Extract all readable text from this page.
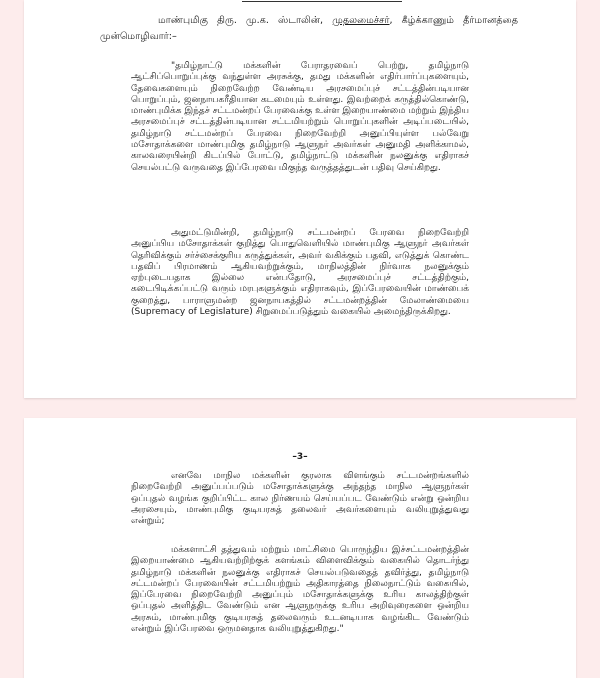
மாண்புமிகு திரு. மு.க. ஸ்டாலின், முதலமைச்சர், கீழ்க்காணும் தீர்மானத்தை முன்மொழிவார்:–
"தமிழ்நாட்டு மக்களின் பேராதரவைப் பெற்று, தமிழ்நாடு ஆட்சிப்பொறுப்புக்கு வந்துள்ள அரசுக்கு, தமது மக்களின் எதிர்பார்ப்புகளையும், தேவைகளையும் நிறைவேற்ற வேண்டிய அரசமைப்புச் சட்டத்தின்படியான பொறுப்பும், ஜனநாயகரீதியான கடமையும் உள்ளது. இவற்றைக் கருத்தில்கொண்டு, மாண்புமிக்க இந்தச் சட்டமன்றப் பேரவைக்கு உள்ள இறையாண்மை மற்றும் இந்திய அரசமைப்புச் சட்டத்தின்படியான சட்டமியற்றும் பொறுப்புகளின் அடிப்படையில், தமிழ்நாடு சட்டமன்றப் பேரவை நிறைவேற்றி அனுப்பியுள்ள பல்வேறு மசோதாக்களை மாண்புமிகு தமிழ்நாடு ஆளுநர் அவர்கள் அனுமதி அளிக்காமல், காலவரையின்றி கிடப்பில் போட்டு, தமிழ்நாட்டு மக்களின் நலனுக்கு எதிராகச் செயல்பட்டு வருவதை இப்பேரவை மிகுந்த வருத்தத்துடன் பதிவு செய்கிறது.
அதுமட்டுமின்றி, தமிழ்நாடு சட்டமன்றப் பேரவை நிறைவேற்றி அனுப்பிய மசோதாக்கள் குறித்து பொதுவெளியில் மாண்புமிகு ஆளுநர் அவர்கள் தெரிவிக்கும் சர்ச்சைக்குரிய கருத்துக்கள், அவர் வகிக்கும் பதவி, எடுத்துக் கொண்ட பதவிப் பிரமாணம் ஆகியவற்றுக்கும், மாநிலத்தின் நிர்வாக நலனுக்கும் ஏற்புடையதாக இல்லை என்பதோடு, அரசமைப்புச் சட்டத்திற்கும், கடைபிடிக்கப்பட்டு வரும் மரபுகளுக்கும் எதிராகவும், இப்பேரவையின் மாண்பைக் குறைத்து, பாராளுமன்ற ஜனநாயகத்தில் சட்டமன்றத்தின் மேலாண்மையை (Supremacy of Legislature) சிறுமைப்படுத்தும் வகையில் அமைந்திருக்கிறது.
–3–
எனவே மாநில மக்களின் குரலாக விளங்கும் சட்டமன்றங்களில் நிறைவேற்றி அனுப்பப்படும் மசோதாக்களுக்கு அந்தந்த மாநில ஆளுநர்கள் ஒப்புதல் வழங்க குறிப்பிட்ட கால நிர்ணயம் செய்யப்பட வேண்டும் என்று ஒன்றிய அரசையும், மாண்புமிகு குடியரசுத் தலைவர் அவர்களையும் வலியுறுத்துவது என்றும்;
மக்களாட்சி தத்துவம் மற்றும் மாட்சிமை பொருந்திய இச்சட்டமன்றத்தின் இறையாண்மை ஆகியவற்றிற்குக் களங்கம் விளைவிக்கும் வகையில் தொடர்ந்து தமிழ்நாடு மக்களின் நலனுக்கு எதிராகச் செயல்படுவதைத் தவிர்த்து, தமிழ்நாடு சட்டமன்றப் பேரவையின் சட்டமியற்றும் அதிகாரத்தை நிலைநாட்டும் வகையில், இப்பேரவை நிறைவேற்றி அனுப்பும் மசோதாக்களுக்கு உரிய காலத்திற்குள் ஒப்புதல் அளித்திட வேண்டும் என ஆளுநருக்கு உரிய அறிவுரைகளை ஒன்றிய அரசும், மாண்புமிகு குடியரசுத் தலைவரும் உடனடியாக வழங்கிட வேண்டும் என்றும் இப்பேரவை ஒருமனதாக வலியுறுத்துகிறது."
